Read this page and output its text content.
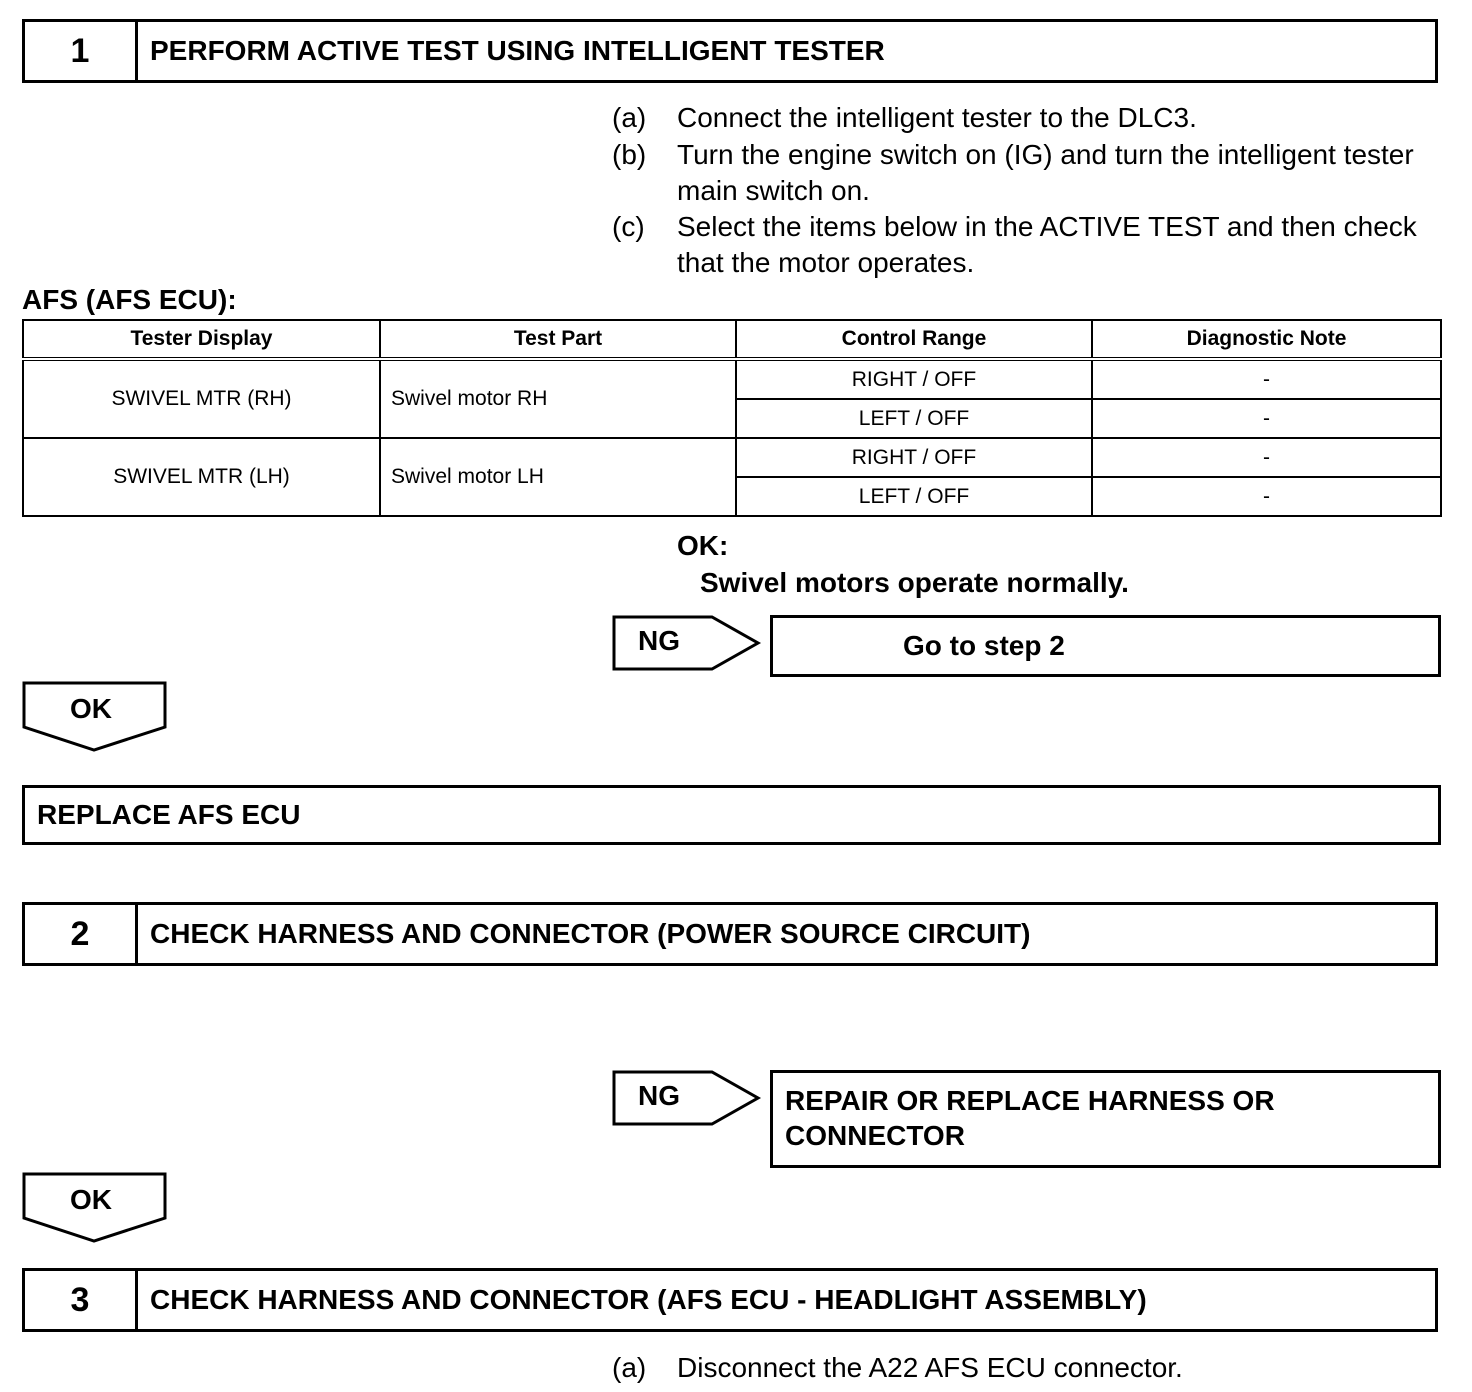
1	PERFORM ACTIVE TEST USING INTELLIGENT TESTER
(a) Connect the intelligent tester to the DLC3.
(b) Turn the engine switch on (IG) and turn the intelligent tester main switch on.
(c) Select the items below in the ACTIVE TEST and then check that the motor operates.
AFS (AFS ECU):
Tester Display	Test Part	Control Range	Diagnostic Note
SWIVEL MTR (RH)	Swivel motor RH	RIGHT / OFF	-
		LEFT / OFF	-
SWIVEL MTR (LH)	Swivel motor LH	RIGHT / OFF	-
		LEFT / OFF	-
OK:
Swivel motors operate normally.
NG	Go to step 2
OK
REPLACE AFS ECU
2	CHECK HARNESS AND CONNECTOR (POWER SOURCE CIRCUIT)
NG	REPAIR OR REPLACE HARNESS OR
CONNECTOR
OK
3	CHECK HARNESS AND CONNECTOR (AFS ECU - HEADLIGHT ASSEMBLY)
(a) Disconnect the A22 AFS ECU connector.
